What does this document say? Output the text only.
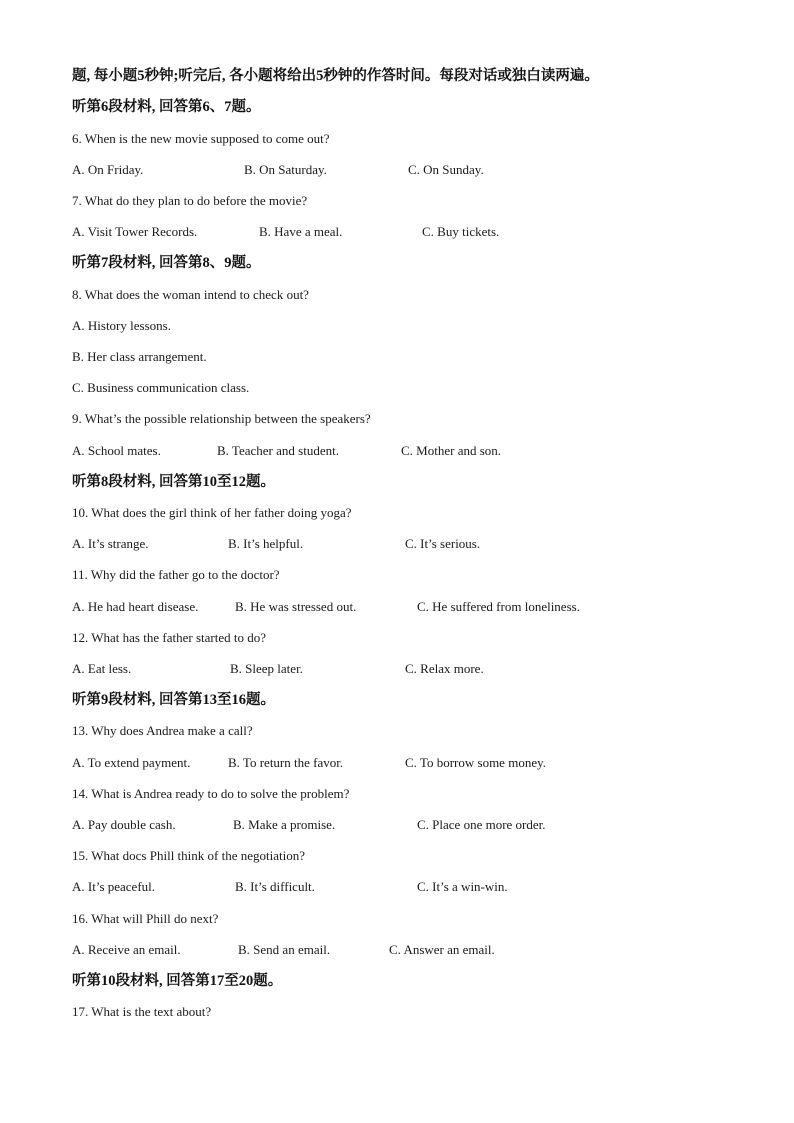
题, 每小题5秒钟;听完后, 各小题将给出5秒钟的作答时间。每段对话或独白读两遍。
听第6段材料, 回答第6、7题。
6. When is the new movie supposed to come out?
A. On Friday.	B. On Saturday.	C. On Sunday.
7. What do they plan to do before the movie?
A. Visit Tower Records.	B. Have a meal.	C. Buy tickets.
听第7段材料, 回答第8、9题。
8. What does the woman intend to check out?
A. History lessons.
B. Her class arrangement.
C. Business communication class.
9. What’s the possible relationship between the speakers?
A. School mates.	B. Teacher and student.	C. Mother and son.
听第8段材料, 回答第10至12题。
10. What does the girl think of her father doing yoga?
A. It’s strange.	B. It’s helpful.	C. It’s serious.
11. Why did the father go to the doctor?
A. He had heart disease.	B. He was stressed out.	C. He suffered from loneliness.
12. What has the father started to do?
A. Eat less.	B. Sleep later.	C. Relax more.
听第9段材料, 回答第13至16题。
13. Why does Andrea make a call?
A. To extend payment.	B. To return the favor.	C. To borrow some money.
14. What is Andrea ready to do to solve the problem?
A. Pay double cash.	B. Make a promise.	C. Place one more order.
15. What docs Phill think of the negotiation?
A. It’s peaceful.	B. It’s difficult.	C. It’s a win-win.
16. What will Phill do next?
A. Receive an email.	B. Send an email.	C. Answer an email.
听第10段材料, 回答第17至20题。
17. What is the text about?
